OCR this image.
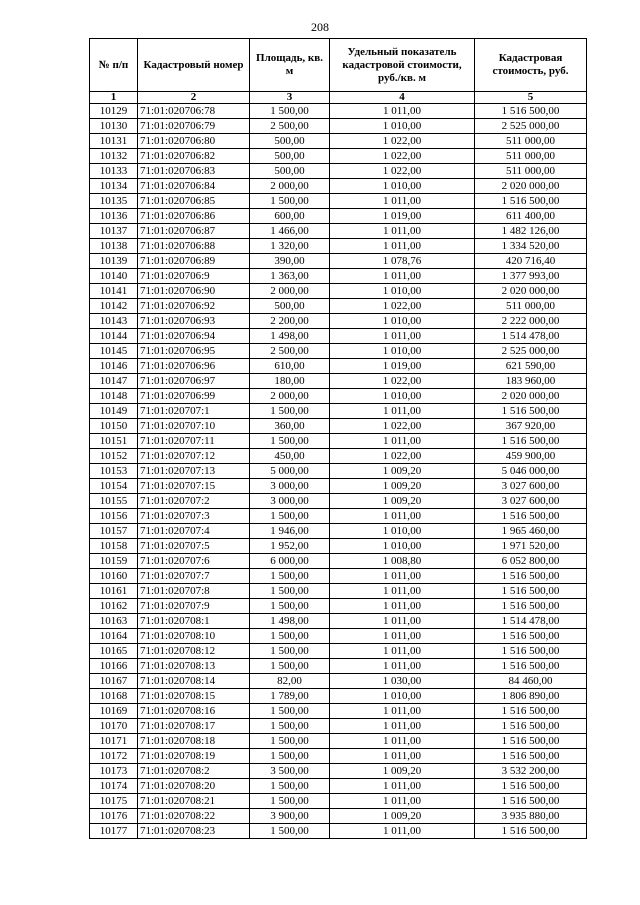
208
№ п/п	Кадастровый номер	Площадь, кв. м	Удельный показатель кадастровой стоимости, руб./кв. м	Кадастровая стоимость, руб.
1	2	3	4	5
10129	71:01:020706:78	1 500,00	1 011,00	1 516 500,00
10130	71:01:020706:79	2 500,00	1 010,00	2 525 000,00
10131	71:01:020706:80	500,00	1 022,00	511 000,00
10132	71:01:020706:82	500,00	1 022,00	511 000,00
10133	71:01:020706:83	500,00	1 022,00	511 000,00
10134	71:01:020706:84	2 000,00	1 010,00	2 020 000,00
10135	71:01:020706:85	1 500,00	1 011,00	1 516 500,00
10136	71:01:020706:86	600,00	1 019,00	611 400,00
10137	71:01:020706:87	1 466,00	1 011,00	1 482 126,00
10138	71:01:020706:88	1 320,00	1 011,00	1 334 520,00
10139	71:01:020706:89	390,00	1 078,76	420 716,40
10140	71:01:020706:9	1 363,00	1 011,00	1 377 993,00
10141	71:01:020706:90	2 000,00	1 010,00	2 020 000,00
10142	71:01:020706:92	500,00	1 022,00	511 000,00
10143	71:01:020706:93	2 200,00	1 010,00	2 222 000,00
10144	71:01:020706:94	1 498,00	1 011,00	1 514 478,00
10145	71:01:020706:95	2 500,00	1 010,00	2 525 000,00
10146	71:01:020706:96	610,00	1 019,00	621 590,00
10147	71:01:020706:97	180,00	1 022,00	183 960,00
10148	71:01:020706:99	2 000,00	1 010,00	2 020 000,00
10149	71:01:020707:1	1 500,00	1 011,00	1 516 500,00
10150	71:01:020707:10	360,00	1 022,00	367 920,00
10151	71:01:020707:11	1 500,00	1 011,00	1 516 500,00
10152	71:01:020707:12	450,00	1 022,00	459 900,00
10153	71:01:020707:13	5 000,00	1 009,20	5 046 000,00
10154	71:01:020707:15	3 000,00	1 009,20	3 027 600,00
10155	71:01:020707:2	3 000,00	1 009,20	3 027 600,00
10156	71:01:020707:3	1 500,00	1 011,00	1 516 500,00
10157	71:01:020707:4	1 946,00	1 010,00	1 965 460,00
10158	71:01:020707:5	1 952,00	1 010,00	1 971 520,00
10159	71:01:020707:6	6 000,00	1 008,80	6 052 800,00
10160	71:01:020707:7	1 500,00	1 011,00	1 516 500,00
10161	71:01:020707:8	1 500,00	1 011,00	1 516 500,00
10162	71:01:020707:9	1 500,00	1 011,00	1 516 500,00
10163	71:01:020708:1	1 498,00	1 011,00	1 514 478,00
10164	71:01:020708:10	1 500,00	1 011,00	1 516 500,00
10165	71:01:020708:12	1 500,00	1 011,00	1 516 500,00
10166	71:01:020708:13	1 500,00	1 011,00	1 516 500,00
10167	71:01:020708:14	82,00	1 030,00	84 460,00
10168	71:01:020708:15	1 789,00	1 010,00	1 806 890,00
10169	71:01:020708:16	1 500,00	1 011,00	1 516 500,00
10170	71:01:020708:17	1 500,00	1 011,00	1 516 500,00
10171	71:01:020708:18	1 500,00	1 011,00	1 516 500,00
10172	71:01:020708:19	1 500,00	1 011,00	1 516 500,00
10173	71:01:020708:2	3 500,00	1 009,20	3 532 200,00
10174	71:01:020708:20	1 500,00	1 011,00	1 516 500,00
10175	71:01:020708:21	1 500,00	1 011,00	1 516 500,00
10176	71:01:020708:22	3 900,00	1 009,20	3 935 880,00
10177	71:01:020708:23	1 500,00	1 011,00	1 516 500,00
